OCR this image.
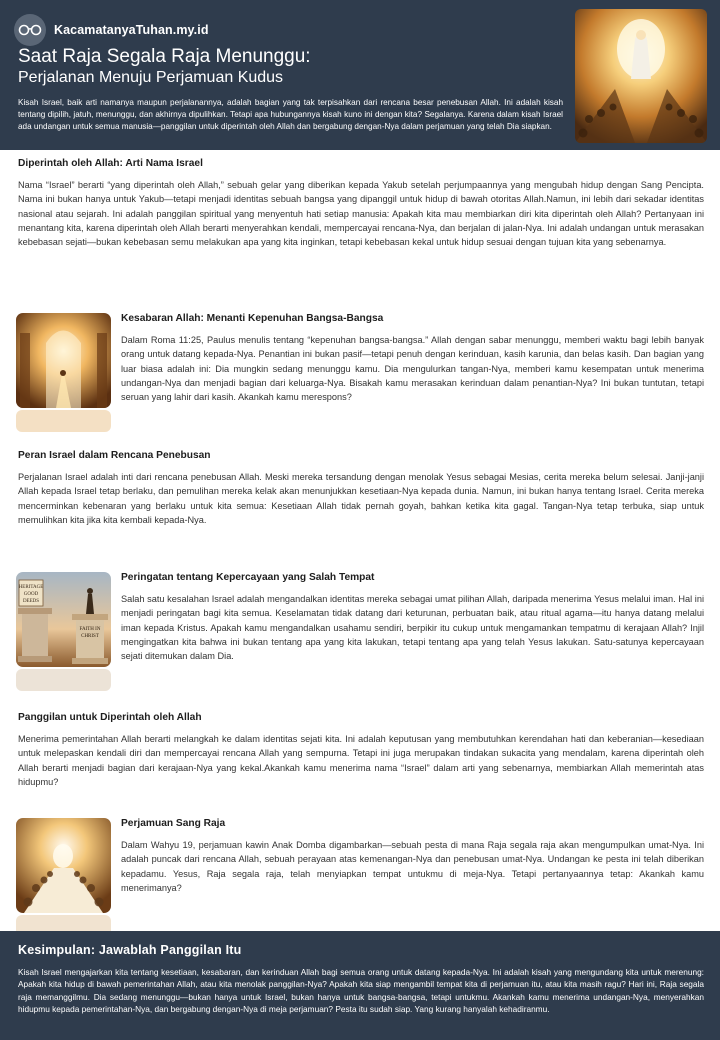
KacamatanyaTuhan.my.id
Saat Raja Segala Raja Menunggu:
Perjalanan Menuju Perjamuan Kudus
Kisah Israel, baik arti namanya maupun perjalanannya, adalah bagian yang tak terpisahkan dari rencana besar penebusan Allah. Ini adalah kisah tentang dipilih, jatuh, menunggu, dan akhirnya dipulihkan. Tetapi apa hubungannya kisah kuno ini dengan kita? Segalanya. Karena dalam kisah Israel ada undangan untuk semua manusia—panggilan untuk diperintah oleh Allah dan bergabung dengan-Nya dalam perjamuan yang telah Dia siapkan.
Diperintah oleh Allah: Arti Nama Israel
Nama “Israel” berarti “yang diperintah oleh Allah,” sebuah gelar yang diberikan kepada Yakub setelah perjumpaannya yang mengubah hidup dengan Sang Pencipta. Nama ini bukan hanya untuk Yakub—tetapi menjadi identitas sebuah bangsa yang dipanggil untuk hidup di bawah otoritas Allah.Namun, ini lebih dari sekadar identitas nasional atau sejarah. Ini adalah panggilan spiritual yang menyentuh hati setiap manusia: Apakah kita mau membiarkan diri kita diperintah oleh Allah? Pertanyaan ini menantang kita, karena diperintah oleh Allah berarti menyerahkan kendali, mempercayai rencana-Nya, dan berjalan di jalan-Nya. Ini adalah undangan untuk merasakan kebebasan sejati—bukan kebebasan semu melakukan apa yang kita inginkan, tetapi kebebasan kekal untuk hidup sesuai dengan tujuan kita yang sebenarnya.
Kesabaran Allah: Menanti Kepenuhan Bangsa-Bangsa
Dalam Roma 11:25, Paulus menulis tentang “kepenuhan bangsa-bangsa.” Allah dengan sabar menunggu, memberi waktu bagi lebih banyak orang untuk datang kepada-Nya. Penantian ini bukan pasif—tetapi penuh dengan kerinduan, kasih karunia, dan belas kasih. Dan bagian yang luar biasa adalah ini: Dia mungkin sedang menunggu kamu. Dia mengulurkan tangan-Nya, memberi kamu kesempatan untuk menerima undangan-Nya dan menjadi bagian dari keluarga-Nya. Bisakah kamu merasakan kerinduan dalam penantian-Nya? Ini bukan tuntutan, tetapi seruan yang lahir dari kasih. Akankah kamu merespons?
Peran Israel dalam Rencana Penebusan
Perjalanan Israel adalah inti dari rencana penebusan Allah. Meski mereka tersandung dengan menolak Yesus sebagai Mesias, cerita mereka belum selesai. Janji-janji Allah kepada Israel tetap berlaku, dan pemulihan mereka kelak akan menunjukkan kesetiaan-Nya kepada dunia. Namun, ini bukan hanya tentang Israel. Cerita mereka mencerminkan kebenaran yang berlaku untuk kita semua: Kesetiaan Allah tidak pernah goyah, bahkan ketika kita gagal. Tangan-Nya tetap terbuka, siap untuk memulihkan kita jika kita kembali kepada-Nya.
HERITAGE
GOOD
DEEDS
FAITH IN
CHRIST
Peringatan tentang Kepercayaan yang Salah Tempat
Salah satu kesalahan Israel adalah mengandalkan identitas mereka sebagai umat pilihan Allah, daripada menerima Yesus melalui iman. Hal ini menjadi peringatan bagi kita semua. Keselamatan tidak datang dari keturunan, perbuatan baik, atau ritual agama—itu hanya datang melalui iman kepada Kristus. Apakah kamu mengandalkan usahamu sendiri, berpikir itu cukup untuk mengamankan tempatmu di kerajaan Allah? Injil mengingatkan kita bahwa ini bukan tentang apa yang kita lakukan, tetapi tentang apa yang telah Yesus lakukan. Satu-satunya kepercayaan sejati ditemukan dalam Dia.
Panggilan untuk Diperintah oleh Allah
Menerima pemerintahan Allah berarti melangkah ke dalam identitas sejati kita. Ini adalah keputusan yang membutuhkan kerendahan hati dan keberanian—kesediaan untuk melepaskan kendali diri dan mempercayai rencana Allah yang sempurna. Tetapi ini juga merupakan tindakan sukacita yang mendalam, karena diperintah oleh Allah berarti menjadi bagian dari kerajaan-Nya yang kekal.Akankah kamu menerima nama “Israel” dalam arti yang sebenarnya, membiarkan Allah memerintah atas hidupmu?
Perjamuan Sang Raja
Dalam Wahyu 19, perjamuan kawin Anak Domba digambarkan—sebuah pesta di mana Raja segala raja akan mengumpulkan umat-Nya. Ini adalah puncak dari rencana Allah, sebuah perayaan atas kemenangan-Nya dan penebusan umat-Nya. Undangan ke pesta ini telah diberikan kepadamu. Yesus, Raja segala raja, telah menyiapkan tempat untukmu di meja-Nya. Tetapi pertanyaannya tetap: Akankah kamu menerimanya?
Kesimpulan: Jawablah Panggilan Itu
Kisah Israel mengajarkan kita tentang kesetiaan, kesabaran, dan kerinduan Allah bagi semua orang untuk datang kepada-Nya. Ini adalah kisah yang mengundang kita untuk merenung: Apakah kita hidup di bawah pemerintahan Allah, atau kita menolak panggilan-Nya? Apakah kita siap mengambil tempat kita di perjamuan itu, atau kita masih ragu? Hari ini, Raja segala raja memanggilmu. Dia sedang menunggu—bukan hanya untuk Israel, bukan hanya untuk bangsa-bangsa, tetapi untukmu. Akankah kamu menerima undangan-Nya, menyerahkan hidupmu kepada pemerintahan-Nya, dan bergabung dengan-Nya di meja perjamuan? Pesta itu sudah siap. Yang kurang hanyalah kehadiranmu.
